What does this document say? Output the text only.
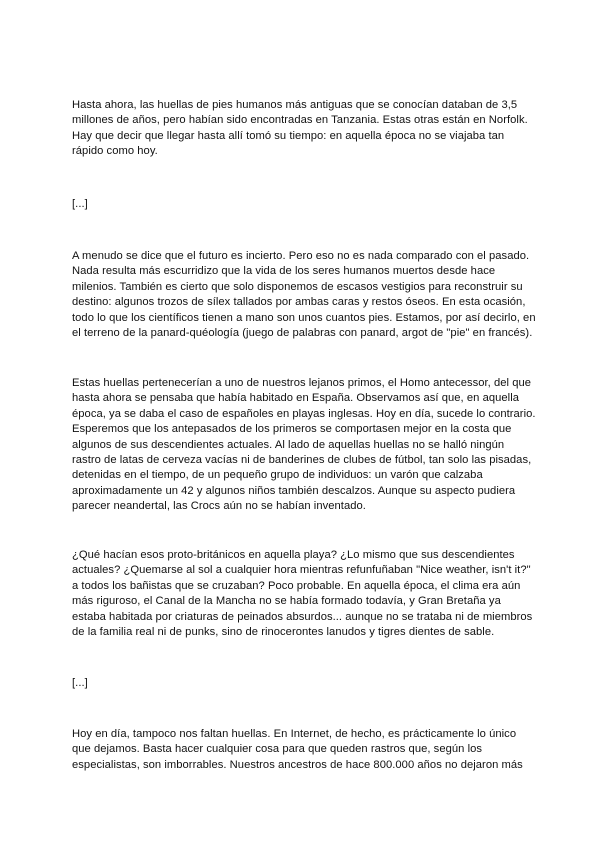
Hasta ahora, las huellas de pies humanos más antiguas que se conocían databan de 3,5
millones de años, pero habían sido encontradas en Tanzania. Estas otras están en Norfolk.
Hay que decir que llegar hasta allí tomó su tiempo: en aquella época no se viajaba tan
rápido como hoy.

[...]

A menudo se dice que el futuro es incierto. Pero eso no es nada comparado con el pasado.
Nada resulta más escurridizo que la vida de los seres humanos muertos desde hace
milenios. También es cierto que solo disponemos de escasos vestigios para reconstruir su
destino: algunos trozos de sílex tallados por ambas caras y restos óseos. En esta ocasión,
todo lo que los científicos tienen a mano son unos cuantos pies. Estamos, por así decirlo, en
el terreno de la panard-quéología (juego de palabras con panard, argot de "pie" en francés).

Estas huellas pertenecerían a uno de nuestros lejanos primos, el Homo antecessor, del que
hasta ahora se pensaba que había habitado en España. Observamos así que, en aquella
época, ya se daba el caso de españoles en playas inglesas. Hoy en día, sucede lo contrario.
Esperemos que los antepasados de los primeros se comportasen mejor en la costa que
algunos de sus descendientes actuales. Al lado de aquellas huellas no se halló ningún
rastro de latas de cerveza vacías ni de banderines de clubes de fútbol, tan solo las pisadas,
detenidas en el tiempo, de un pequeño grupo de individuos: un varón que calzaba
aproximadamente un 42 y algunos niños también descalzos. Aunque su aspecto pudiera
parecer neandertal, las Crocs aún no se habían inventado.

¿Qué hacían esos proto-británicos en aquella playa? ¿Lo mismo que sus descendientes
actuales? ¿Quemarse al sol a cualquier hora mientras refunfuñaban "Nice weather, isn't it?"
a todos los bañistas que se cruzaban? Poco probable. En aquella época, el clima era aún
más riguroso, el Canal de la Mancha no se había formado todavía, y Gran Bretaña ya
estaba habitada por criaturas de peinados absurdos... aunque no se trataba ni de miembros
de la familia real ni de punks, sino de rinocerontes lanudos y tigres dientes de sable.

[...]

Hoy en día, tampoco nos faltan huellas. En Internet, de hecho, es prácticamente lo único
que dejamos. Basta hacer cualquier cosa para que queden rastros que, según los
especialistas, son imborrables. Nuestros ancestros de hace 800.000 años no dejaron más
